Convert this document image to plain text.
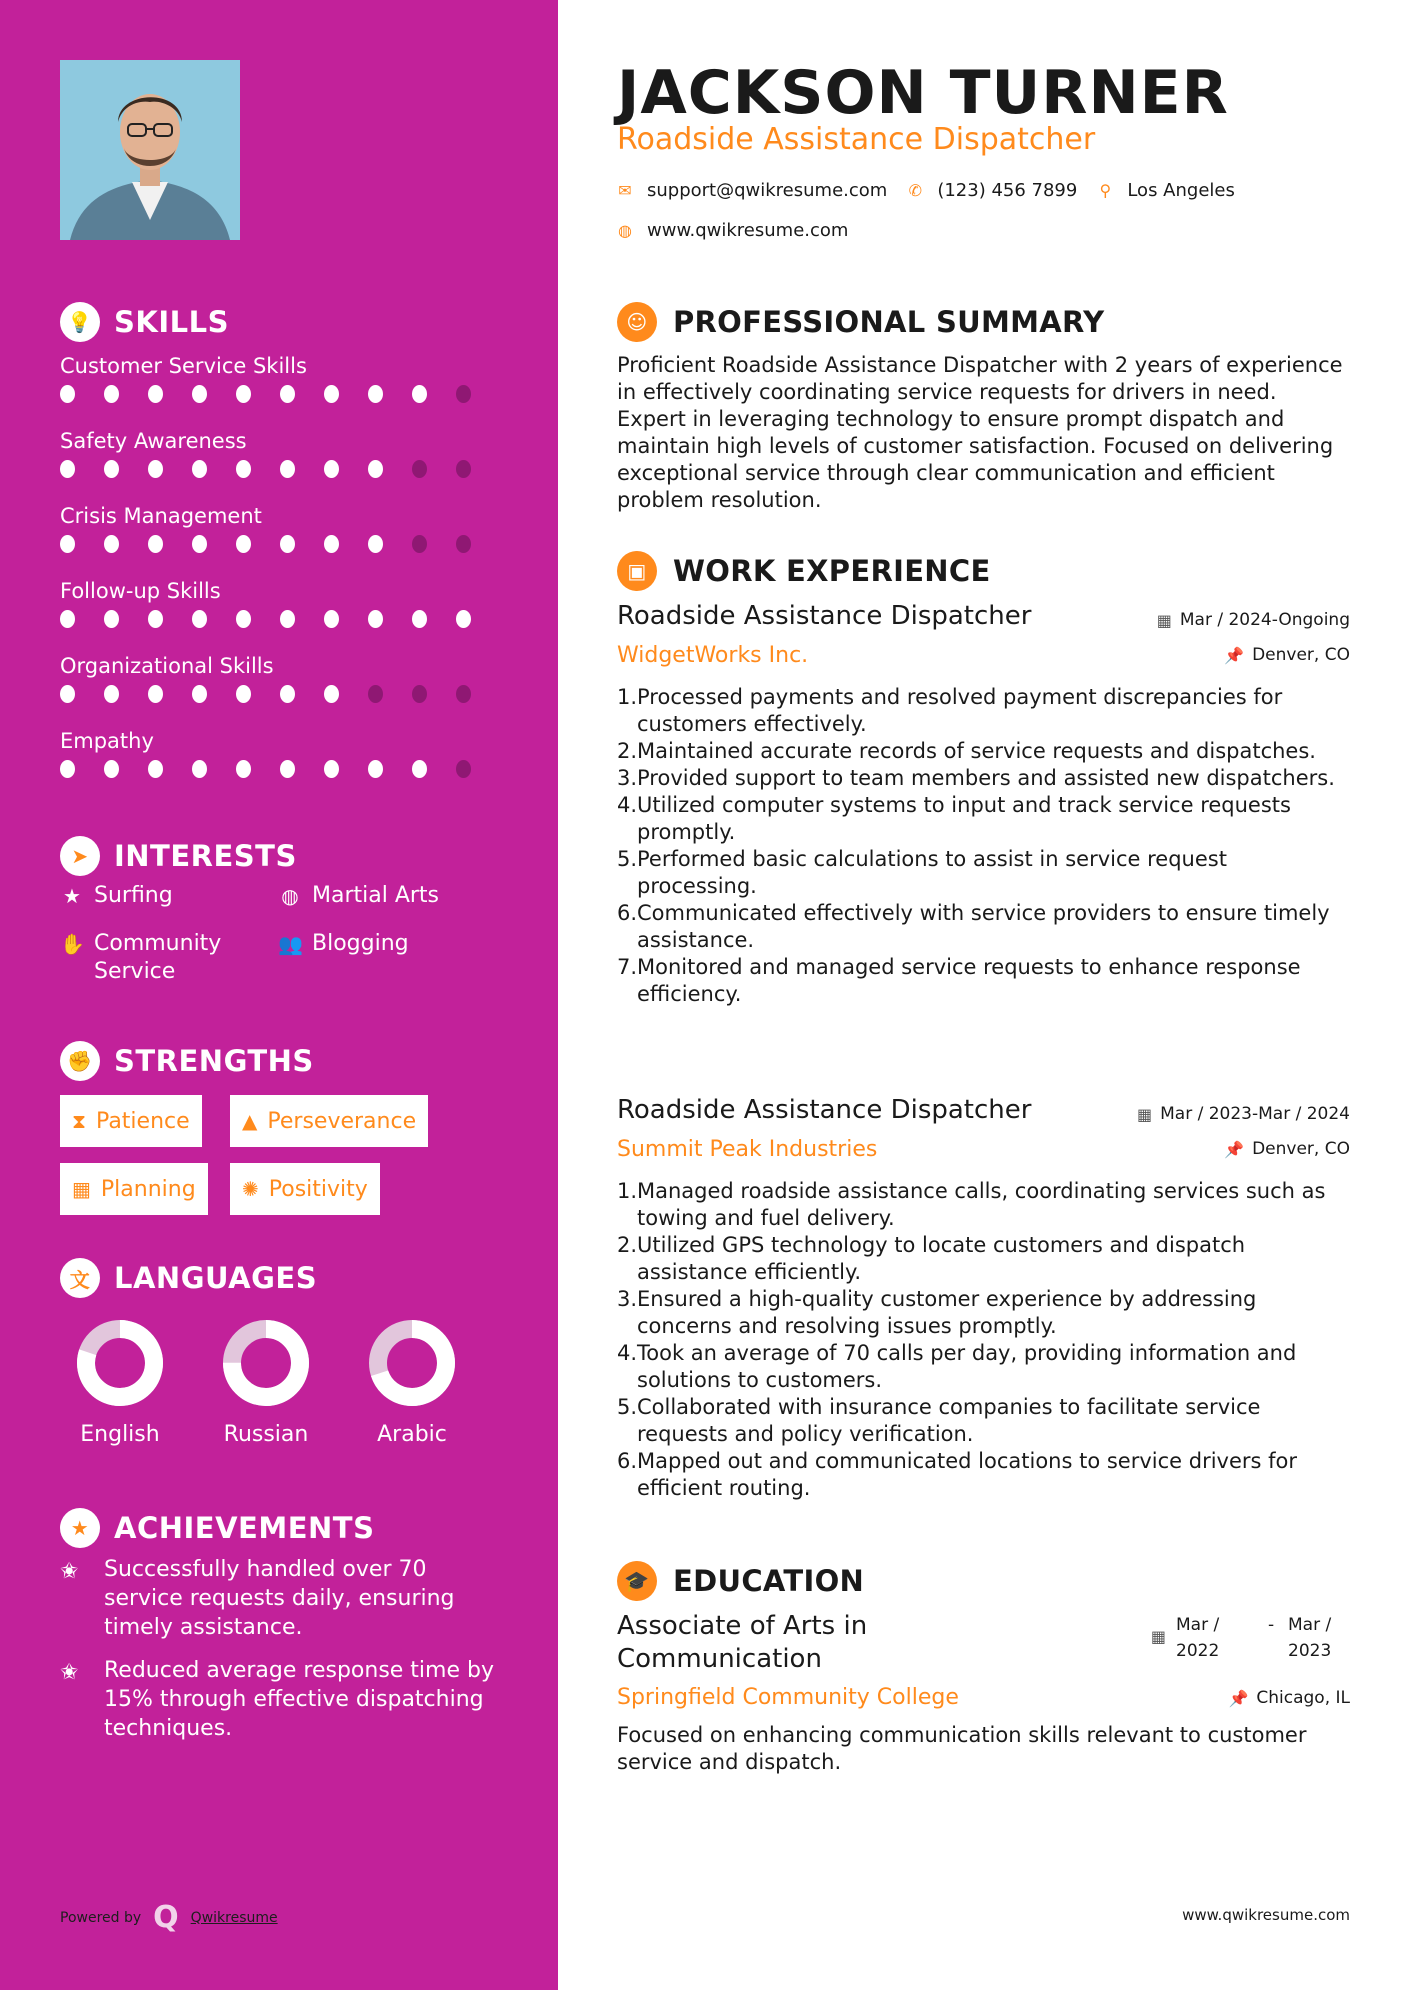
💡 SKILLS
Customer Service Skills
Safety Awareness
Crisis Management
Follow-up Skills
Organizational Skills
Empathy
➤ INTERESTS
★ Surfing	◍ Martial Arts
✋ Community Service
👥 Blogging
✊ STRENGTHS
⧗ Patience	▲ Perseverance
▦ Planning ✺ Positivity
文 LANGUAGES
English	Russian	Arabic
★ ACHIEVEMENTS
✬	Successfully handled over 70 service requests daily, ensuring timely assistance.
✬	Reduced average response time by 15% through effective dispatching techniques.
Powered by Q Qwikresume
JACKSON TURNER
Roadside Assistance Dispatcher
✉ support@qwikresume.com ✆ (123) 456 7899 ⚲ Los Angeles
◍ www.qwikresume.com
☺ PROFESSIONAL SUMMARY
Proficient Roadside Assistance Dispatcher with 2 years of experience in effectively coordinating service requests for drivers in need. Expert in leveraging technology to ensure prompt dispatch and maintain high levels of customer satisfaction. Focused on delivering exceptional service through clear communication and efficient problem resolution.
▣ WORK EXPERIENCE
Roadside Assistance Dispatcher	▦ Mar / 2024-Ongoing
WidgetWorks Inc.	📌 Denver, CO
1. Processed payments and resolved payment discrepancies for customers effectively.
2. Maintained accurate records of service requests and dispatches.
3. Provided support to team members and assisted new dispatchers.
4. Utilized computer systems to input and track service requests promptly.
5. Performed basic calculations to assist in service request processing.
6. Communicated effectively with service providers to ensure timely assistance.
7. Monitored and managed service requests to enhance response efficiency.
Roadside Assistance Dispatcher	▦ Mar / 2023-Mar / 2024
Summit Peak Industries	📌 Denver, CO
1. Managed roadside assistance calls, coordinating services such as towing and fuel delivery.
2. Utilized GPS technology to locate customers and dispatch assistance efficiently.
3. Ensured a high-quality customer experience by addressing concerns and resolving issues promptly.
4. Took an average of 70 calls per day, providing information and solutions to customers.
5. Collaborated with insurance companies to facilitate service requests and policy verification.
6. Mapped out and communicated locations to service drivers for efficient routing.
🎓 EDUCATION
Associate of Arts in
Communication
▦
Mar / 2022
- Mar / 2023
Springfield Community College	📌 Chicago, IL
Focused on enhancing communication skills relevant to customer service and dispatch.
www.qwikresume.com
